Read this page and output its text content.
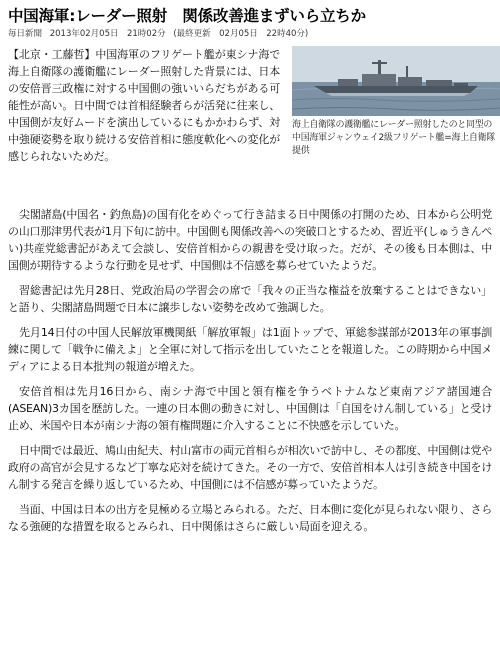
中国海軍:レーダー照射　関係改善進まずいら立ちか
毎日新聞 2013年02月05日　21時02分 (最終更新　02月05日　22時40分)

【北京・工藤哲】中国海軍のフリゲート艦が東シナ海で海上自衛隊の護衛艦にレーダー照射した背景には、日本の安倍晋三政権に対する中国側の強いいらだちがある可能性が高い。日中間では首相経験者らが活発に往来し、中国側が友好ムードを演出しているにもかかわらず、対中強硬姿勢を取り続ける安倍首相に態度軟化への変化が感じられないためだ。

海上自衛隊の護衛艦にレーダー照射したのと同型の中国海軍ジャンウェイ2級フリゲート艦=海上自衛隊提供

尖閣諸島(中国名・釣魚島)の国有化をめぐって行き詰まる日中関係の打開のため、日本から公明党の山口那津男代表が1月下旬に訪中。中国側も関係改善への突破口とするため、習近平(しゅうきんぺい)共産党総書記があえて会談し、安倍首相からの親書を受け取った。だが、その後も日本側は、中国側が期待するような行動を見せず、中国側は不信感を募らせていたようだ。

習総書記は先月28日、党政治局の学習会の席で「我々の正当な権益を放棄することはできない」と語り、尖閣諸島問題で日本に譲歩しない姿勢を改めて強調した。

先月14日付の中国人民解放軍機関紙「解放軍報」は1面トップで、軍総参謀部が2013年の軍事訓練に関して「戦争に備えよ」と全軍に対して指示を出していたことを報道した。この時期から中国メディアによる日本批判の報道が増えた。

安倍首相は先月16日から、南シナ海で中国と領有権を争うベトナムなど東南アジア諸国連合(ASEAN)3カ国を歴訪した。一連の日本側の動きに対し、中国側は「自国をけん制している」と受け止め、米国や日本が南シナ海の領有権問題に介入することに不快感を示していた。

日中間では最近、鳩山由紀夫、村山富市の両元首相らが相次いで訪中し、その都度、中国側は党や政府の高官が会見するなど丁寧な応対を続けてきた。その一方で、安倍首相本人は引き続き中国をけん制する発言を繰り返しているため、中国側には不信感が募っていたようだ。

当面、中国は日本の出方を見極める立場とみられる。ただ、日本側に変化が見られない限り、さらなる強硬的な措置を取るとみられ、日中関係はさらに厳しい局面を迎える。
